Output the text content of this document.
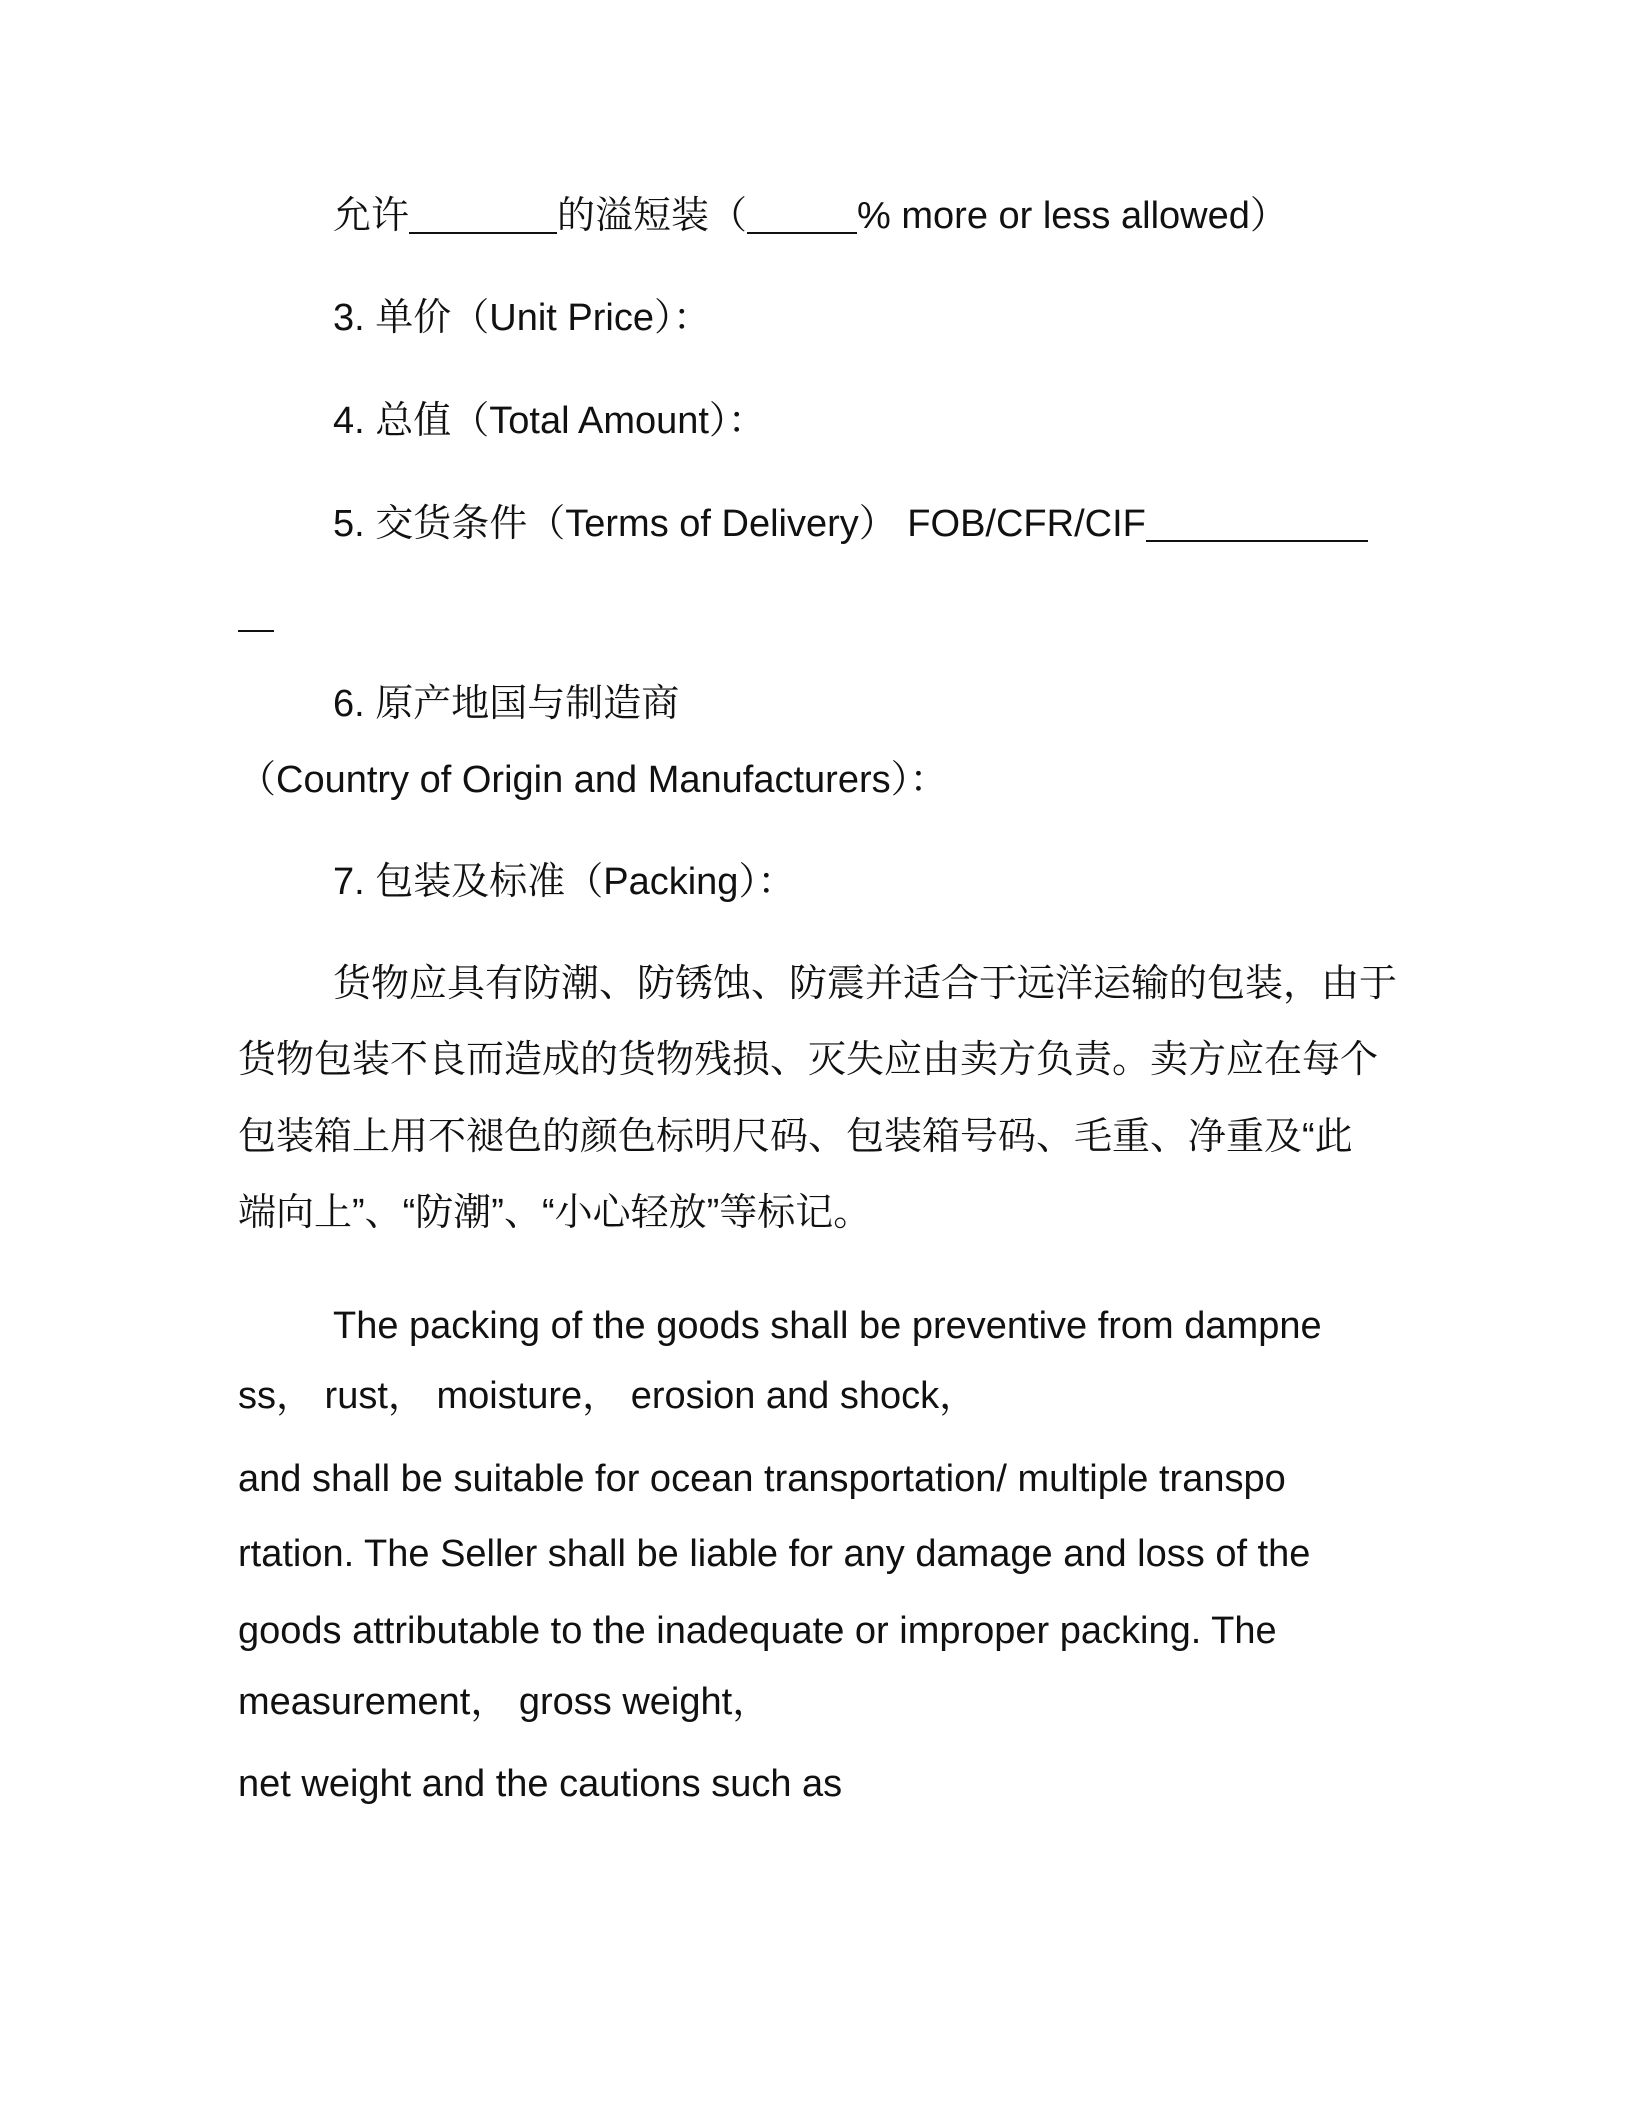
允许	的溢短装（	% more or less allowed）
3. 单价（Unit Price）：
4. 总值（Total Amount）：
5. 交货条件（Terms of Delivery） FOB/CFR/CIF
6. 原产地国与制造商
（Country of Origin and Manufacturers）：
7. 包装及标准（Packing）：
货物应具有防潮、防锈蚀、防震并适合于远洋运输的包装，由于
货物包装不良而造成的货物残损、灭失应由卖方负责。卖方应在每个
包装箱上用不褪色的颜色标明尺码、包装箱号码、毛重、净重及“此
端向上”、“防潮”、“小心轻放”等标记。
The packing of the goods shall be preventive from dampne
ss， rust， moisture， erosion and shock，
and shall be suitable for ocean transportation/ multiple transpo
rtation. The Seller shall be liable for any damage and loss of the
goods attributable to the inadequate or improper packing. The
measurement， gross weight，
net weight and the cautions such as
